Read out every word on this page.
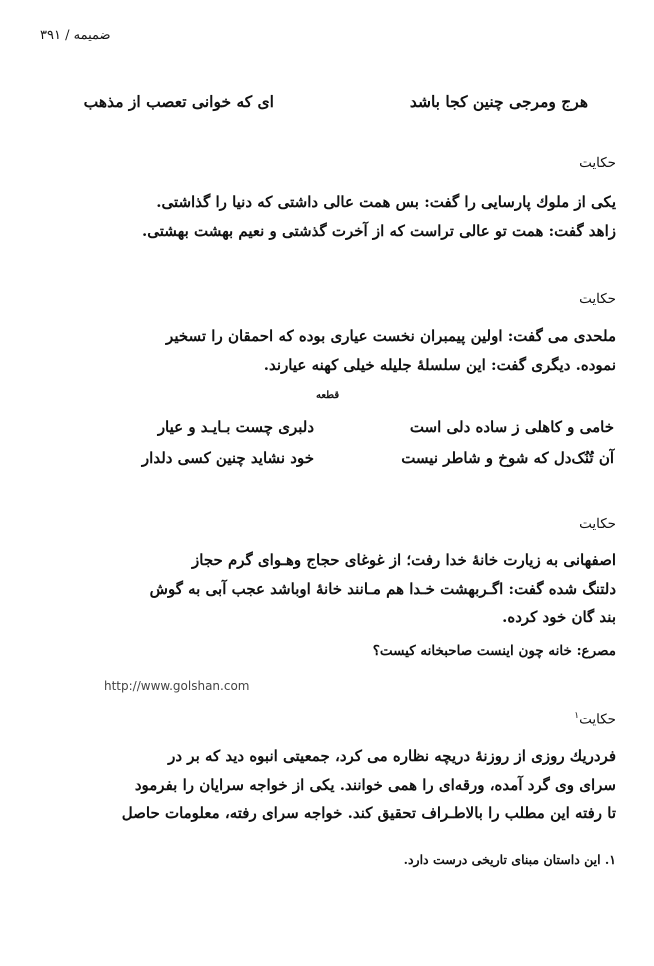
ضمیمه / ۳۹۱
هرج ومرجی چنین کجا باشد
ای که خوانی تعصب از مذهب
حکایت
یکی از ملوك پارسایی را گفت: بس همت عالی داشتی که دنیا را گذاشتی.
زاهد گفت: همت تو عالی تراست که از آخرت گذشتی و نعیم بهشت بهشتی.
حکایت
ملحدی می گفت: اولین پیمبران نخست عیاری بوده که احمقان را تسخیر
نموده. دیگری گفت: این سلسلۀ جلیله خیلی کهنه عیارند.
قطعه
خامی و کاهلی ز ساده دلی است
دلبری چست بـایـد و عیار
آن تُنُک‌دل که شوخ و شاطر نیست
خود نشاید چنین کسی دلدار
حکایت
اصفهانی به زیارت خانۀ خدا رفت؛ از غوغای حجاج وهـوای گرم حجاز
دلتنگ شده گفت: اگـربهشت خـدا هم مـانند خانۀ اوباشد عجب آبی به گوش
بند گان خود کرده.
مصرع: خانه چون اینست صاحبخانه کیست؟
http://www.golshan.com
حکایت$^۱$
فردریك روزی از روزنۀ دریچه نظاره می کرد، جمعیتی انبوه دید که بر در
سرای وی گرد آمده، ورقه‌ای را همی خوانند. یکی از خواجه سرایان را بفرمود
تا رفته این مطلب را بالاطـراف تحقیق کند. خواجه سرای رفته، معلومات حاصل
۱. این داستان مبنای تاریخی درست دارد.
